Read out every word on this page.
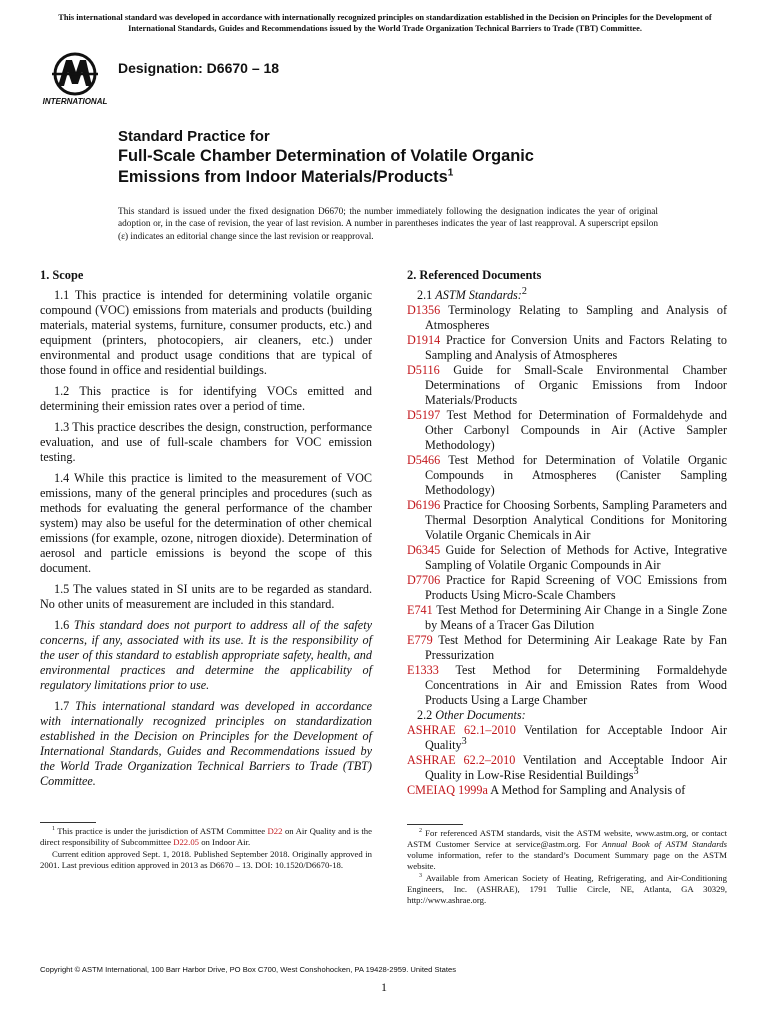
This international standard was developed in accordance with internationally recognized principles on standardization established in the Decision on Principles for the Development of International Standards, Guides and Recommendations issued by the World Trade Organization Technical Barriers to Trade (TBT) Committee.
INTERNATIONAL
Designation: D6670 – 18
Standard Practice for
Full-Scale Chamber Determination of Volatile Organic
Emissions from Indoor Materials/Products$^1$
This standard is issued under the fixed designation D6670; the number immediately following the designation indicates the year of original adoption or, in the case of revision, the year of last revision. A number in parentheses indicates the year of last reapproval. A superscript epsilon (ε) indicates an editorial change since the last revision or reapproval.
1. Scope

1.1 This practice is intended for determining volatile organic compound (VOC) emissions from materials and products (building materials, material systems, furniture, consumer products, etc.) and equipment (printers, photocopiers, air cleaners, etc.) under environmental and product usage conditions that are typical of those found in office and residential buildings.

1.2 This practice is for identifying VOCs emitted and determining their emission rates over a period of time.

1.3 This practice describes the design, construction, performance evaluation, and use of full-scale chambers for VOC emission testing.

1.4 While this practice is limited to the measurement of VOC emissions, many of the general principles and procedures (such as methods for evaluating the general performance of the chamber system) may also be useful for the determination of other chemical emissions (for example, ozone, nitrogen dioxide). Determination of aerosol and particle emissions is beyond the scope of this document.

1.5 The values stated in SI units are to be regarded as standard. No other units of measurement are included in this standard.

1.6 This standard does not purport to address all of the safety concerns, if any, associated with its use. It is the responsibility of the user of this standard to establish appropriate safety, health, and environmental practices and determine the applicability of regulatory limitations prior to use.

1.7 This international standard was developed in accordance with internationally recognized principles on standardization established in the Decision on Principles for the Development of International Standards, Guides and Recommendations issued by the World Trade Organization Technical Barriers to Trade (TBT) Committee.

2. Referenced Documents
2.1 ASTM Standards:$^2$
D1356 Terminology Relating to Sampling and Analysis of Atmospheres
D1914 Practice for Conversion Units and Factors Relating to Sampling and Analysis of Atmospheres
D5116 Guide for Small-Scale Environmental Chamber Determinations of Organic Emissions from Indoor Materials/Products
D5197 Test Method for Determination of Formaldehyde and Other Carbonyl Compounds in Air (Active Sampler Methodology)
D5466 Test Method for Determination of Volatile Organic Compounds in Atmospheres (Canister Sampling Methodology)
D6196 Practice for Choosing Sorbents, Sampling Parameters and Thermal Desorption Analytical Conditions for Monitoring Volatile Organic Chemicals in Air
D6345 Guide for Selection of Methods for Active, Integrative Sampling of Volatile Organic Compounds in Air
D7706 Practice for Rapid Screening of VOC Emissions from Products Using Micro-Scale Chambers
E741 Test Method for Determining Air Change in a Single Zone by Means of a Tracer Gas Dilution
E779 Test Method for Determining Air Leakage Rate by Fan Pressurization
E1333 Test Method for Determining Formaldehyde Concentrations in Air and Emission Rates from Wood Products Using a Large Chamber
2.2 Other Documents:
ASHRAE 62.1–2010 Ventilation for Acceptable Indoor Air Quality$^3$
ASHRAE 62.2–2010 Ventilation and Acceptable Indoor Air Quality in Low-Rise Residential Buildings$^3$
CMEIAQ 1999a A Method for Sampling and Analysis of

$^1$ This practice is under the jurisdiction of ASTM Committee D22 on Air Quality and is the direct responsibility of Subcommittee D22.05 on Indoor Air.

Current edition approved Sept. 1, 2018. Published September 2018. Originally approved in 2001. Last previous edition approved in 2013 as D6670 – 13. DOI: 10.1520/D6670-18.

$^2$ For referenced ASTM standards, visit the ASTM website, www.astm.org, or contact ASTM Customer Service at service@astm.org. For Annual Book of ASTM Standards volume information, refer to the standard’s Document Summary page on the ASTM website.

$^3$ Available from American Society of Heating, Refrigerating, and Air-Conditioning Engineers, Inc. (ASHRAE), 1791 Tullie Circle, NE, Atlanta, GA 30329, http://www.ashrae.org.

Copyright © ASTM International, 100 Barr Harbor Drive, PO Box C700, West Conshohocken, PA 19428-2959. United States
1
